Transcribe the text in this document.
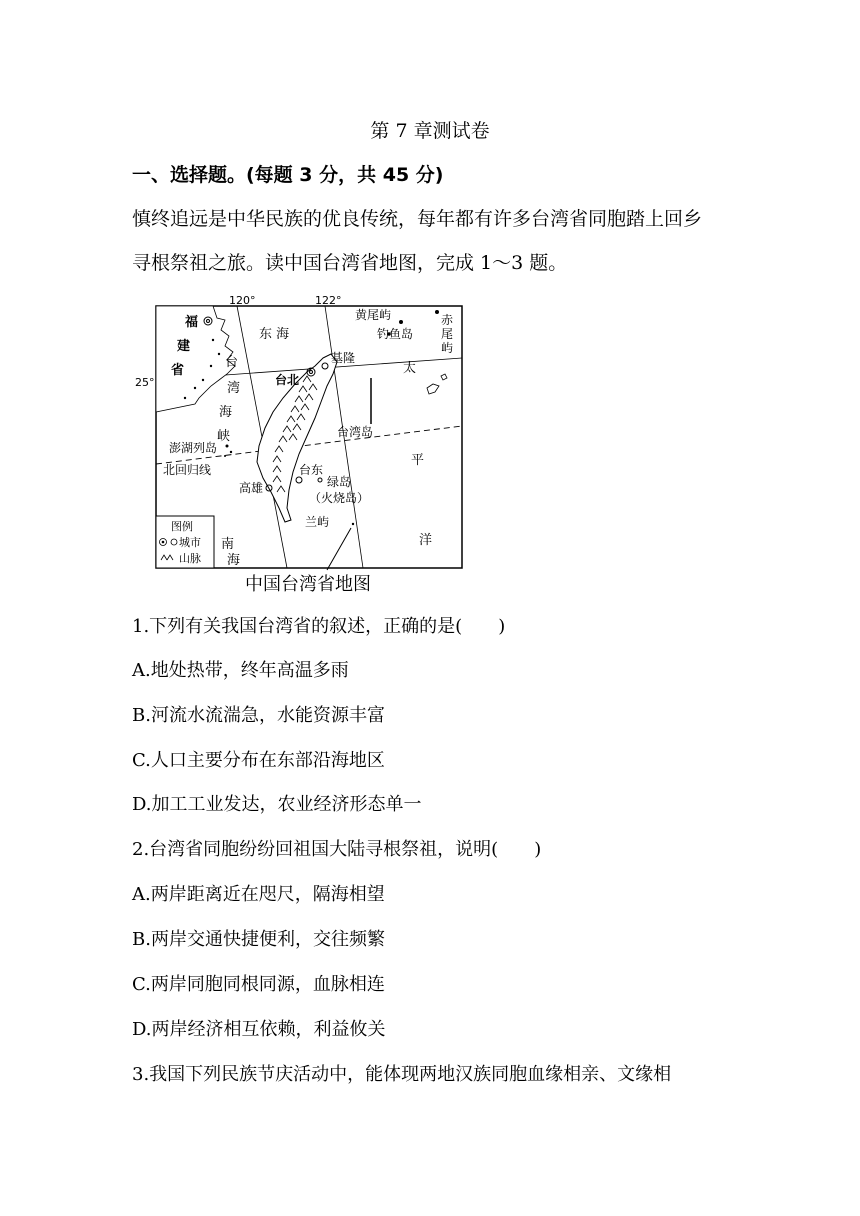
第 7 章测试卷
一、选择题。(每题 3 分，共 45 分)
慎终追远是中华民族的优良传统，每年都有许多台湾省同胞踏上回乡
寻根祭祖之旅。读中国台湾省地图，完成 1～3 题。
120°	122°
25°
福
建
省
东 海
台
湾
海
峡
黄尾屿
钓鱼岛
赤
尾
屿
基隆
台北
太
平
洋
台湾岛
澎湖列岛
北回归线	台东
高雄	绿岛
（火烧岛）
兰屿
图例
城市
山脉
南
海
中国台湾省地图
1.下列有关我国台湾省的叙述，正确的是(　　)
A.地处热带，终年高温多雨
B.河流水流湍急，水能资源丰富
C.人口主要分布在东部沿海地区
D.加工工业发达，农业经济形态单一
2.台湾省同胞纷纷回祖国大陆寻根祭祖，说明(　　)
A.两岸距离近在咫尺，隔海相望
B.两岸交通快捷便利，交往频繁
C.两岸同胞同根同源，血脉相连
D.两岸经济相互依赖，利益攸关
3.我国下列民族节庆活动中，能体现两地汉族同胞血缘相亲、文缘相
